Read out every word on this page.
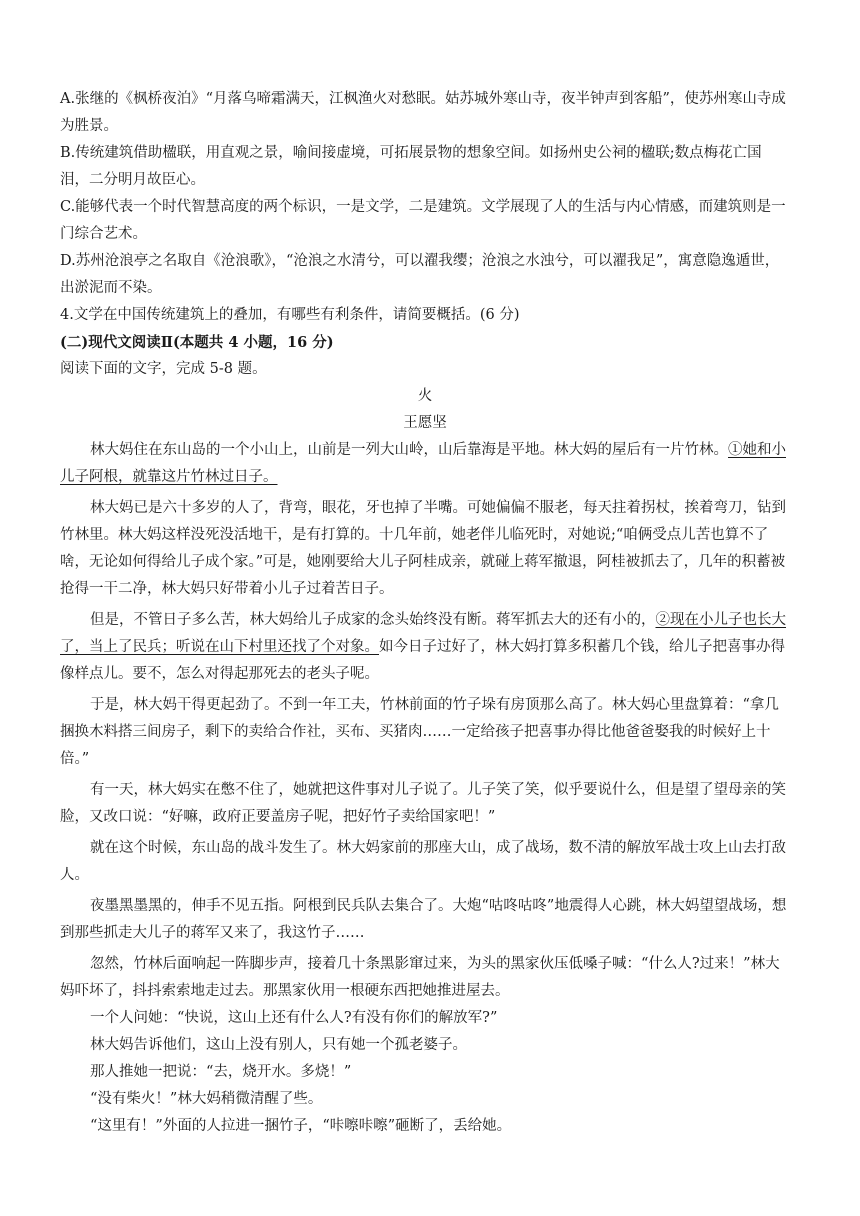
A.张继的《枫桥夜泊》“月落乌啼霜满天，江枫渔火对愁眠。姑苏城外寒山寺，夜半钟声到客船”，使苏州寒山寺成为胜景。
B.传统建筑借助楹联，用直观之景，喻间接虚境，可拓展景物的想象空间。如扬州史公祠的楹联;数点梅花亡国泪，二分明月故臣心。
C.能够代表一个时代智慧高度的两个标识，一是文学，二是建筑。文学展现了人的生活与内心情感，而建筑则是一门综合艺术。
D.苏州沧浪亭之名取自《沧浪歌》，“沧浪之水清兮，可以濯我缨；沧浪之水浊兮，可以濯我足”，寓意隐逸遁世，出淤泥而不染。
4.文学在中国传统建筑上的叠加，有哪些有利条件，请简要概括。(6 分)
(二)现代文阅读Ⅱ(本题共 4 小题，16 分)
阅读下面的文字，完成 5-8 题。
火
王愿坚
林大妈住在东山岛的一个小山上，山前是一列大山岭，山后靠海是平地。林大妈的屋后有一片竹林。①她和小儿子阿根，就靠这片竹林过日子。
林大妈已是六十多岁的人了，背弯，眼花，牙也掉了半嘴。可她偏偏不服老，每天拄着拐杖，挨着弯刀，钻到竹林里。林大妈这样没死没活地干，是有打算的。十几年前，她老伴儿临死时，对她说;“咱俩受点儿苦也算不了啥，无论如何得给儿子成个家。”可是，她刚要给大儿子阿桂成亲，就碰上蒋军撤退，阿桂被抓去了，几年的积蓄被抢得一干二净，林大妈只好带着小儿子过着苦日子。
但是，不管日子多么苦，林大妈给儿子成家的念头始终没有断。蒋军抓去大的还有小的，②现在小儿子也长大了，当上了民兵；听说在山下村里还找了个对象。如今日子过好了，林大妈打算多积蓄几个钱，给儿子把喜事办得像样点儿。要不，怎么对得起那死去的老头子呢。
于是，林大妈干得更起劲了。不到一年工夫，竹林前面的竹子垛有房顶那么高了。林大妈心里盘算着：“拿几捆换木料搭三间房子，剩下的卖给合作社，买布、买猪肉……一定给孩子把喜事办得比他爸爸娶我的时候好上十倍。”
有一天，林大妈实在憋不住了，她就把这件事对儿子说了。儿子笑了笑，似乎要说什么，但是望了望母亲的笑脸，又改口说：“好嘛，政府正要盖房子呢，把好竹子卖给国家吧！”
就在这个时候，东山岛的战斗发生了。林大妈家前的那座大山，成了战场，数不清的解放军战士攻上山去打敌人。
夜墨黑墨黑的，伸手不见五指。阿根到民兵队去集合了。大炮“咕咚咕咚”地震得人心跳，林大妈望望战场，想到那些抓走大儿子的蒋军又来了，我这竹子……
忽然，竹林后面响起一阵脚步声，接着几十条黑影窜过来，为头的黑家伙压低嗓子喊：“什么人?过来！”林大妈吓坏了，抖抖索索地走过去。那黑家伙用一根硬东西把她推进屋去。
一个人问她：“快说，这山上还有什么人?有没有你们的解放军?”
林大妈告诉他们，这山上没有别人，只有她一个孤老婆子。
那人推她一把说：“去，烧开水。多烧！”
“没有柴火！”林大妈稍微清醒了些。
“这里有！”外面的人拉进一捆竹子，“咔嚓咔嚓”砸断了，丢给她。
